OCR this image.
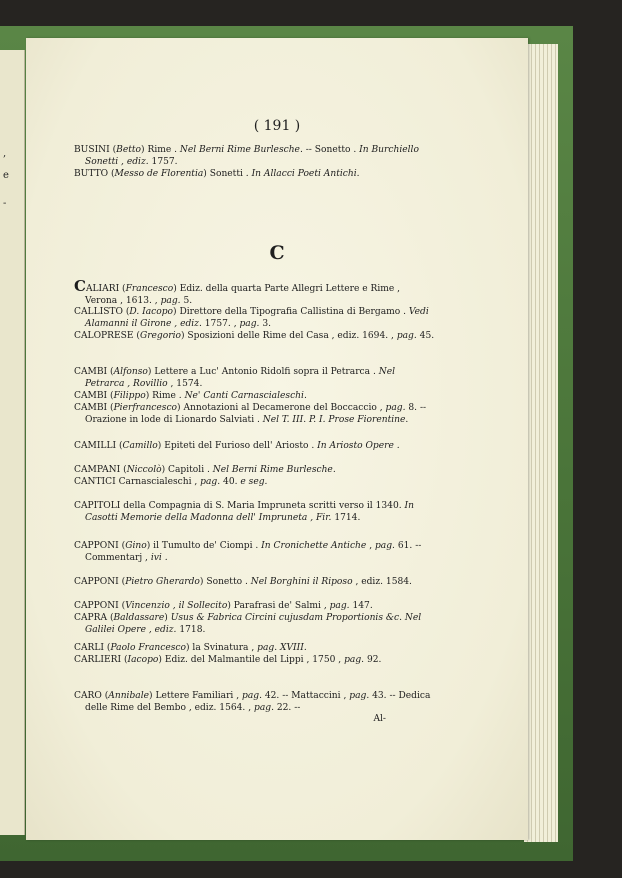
,
e
-
( 191 )
C
BUSINI (Betto) Rime . Nel Berni Rime Burlesche. -- Sonetto . In Burchiello Sonetti , ediz. 1757.
BUTTO (Messo de Florentia) Sonetti . In Allacci Poeti Antichi.
CALIARI (Francesco) Ediz. della quarta Parte Allegri Lettere e Rime , Verona , 1613. , pag. 5.
CALLISTO (D. Iacopo) Direttore della Tipografia Callistina di Bergamo . Vedi Alamanni il Girone , ediz. 1757. , pag. 3.
CALOPRESE (Gregorio) Sposizioni delle Rime del Casa , ediz. 1694. , pag. 45.
CAMBI (Alfonso) Lettere a Luc' Antonio Ridolfi sopra il Petrarca . Nel Petrarca , Rovillio , 1574.
CAMBI (Filippo) Rime . Ne' Canti Carnascialeschi.
CAMBI (Pierfrancesco) Annotazioni al Decamerone del Boccaccio , pag. 8. -- Orazione in lode di Lionardo Salviati . Nel T. III. P. I. Prose Fiorentine.
CAMILLI (Camillo) Epiteti del Furioso dell' Ariosto . In Ariosto Opere .
CAMPANI (Niccolò) Capitoli . Nel Berni Rime Burlesche.
CANTICI Carnascialeschi , pag. 40. e seg.
CAPITOLI della Compagnia di S. Maria Impruneta scritti verso il 1340. In Casotti Memorie della Madonna dell' Impruneta , Fir. 1714.
CAPPONI (Gino) il Tumulto de' Ciompi . In Cronichette Antiche , pag. 61. -- Commentarj , ivi .
CAPPONI (Pietro Gherardo) Sonetto . Nel Borghini il Riposo , ediz. 1584.
CAPPONI (Vincenzio , il Sollecito) Parafrasi de' Salmi , pag. 147.
CAPRA (Baldassare) Usus & Fabrica Circini cujusdam Proportionis &c. Nel Galilei Opere , ediz. 1718.
CARLI (Paolo Francesco) la Svinatura , pag. XVIII.
CARLIERI (Iacopo) Ediz. del Malmantile del Lippi , 1750 , pag. 92.
CARO (Annibale) Lettere Familiari , pag. 42. -- Mattaccini , pag. 43. -- Dedica delle Rime del Bembo , ediz. 1564. , pag. 22. --
Al-
